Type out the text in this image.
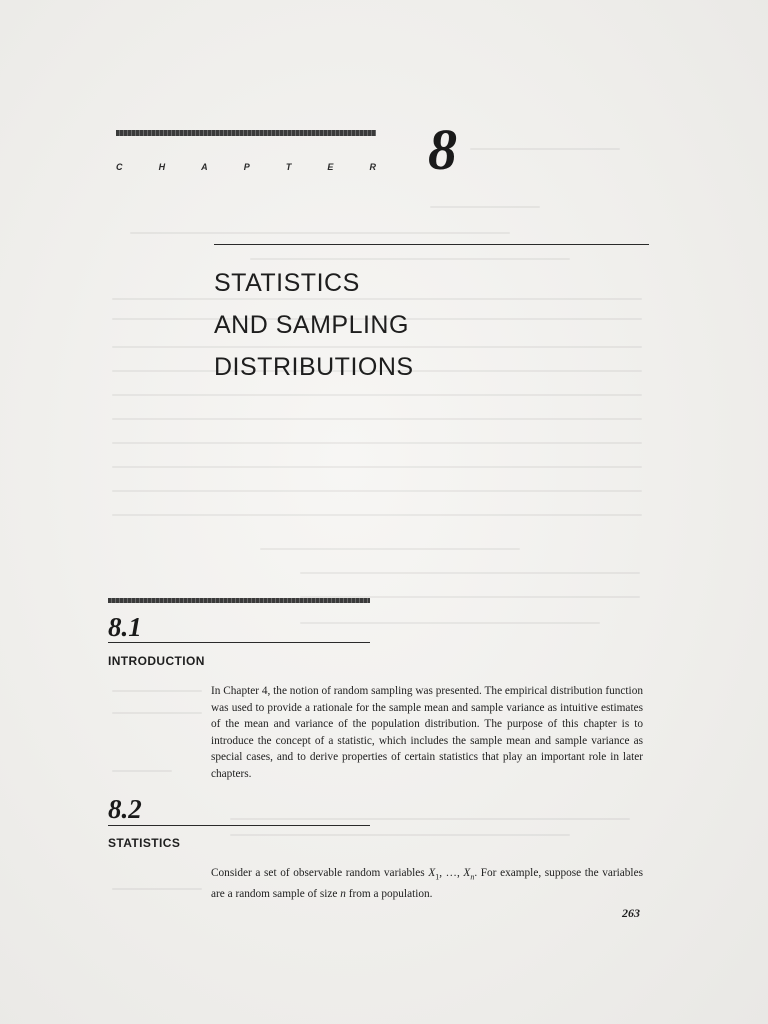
C	H	A	P	T	E	R 8
STATISTICS
AND SAMPLING
DISTRIBUTIONS
8.1
INTRODUCTION

In Chapter 4, the notion of random sampling was presented. The empirical distribution function was used to provide a rationale for the sample mean and sample variance as intuitive estimates of the mean and variance of the population distribution. The purpose of this chapter is to introduce the concept of a statistic, which includes the sample mean and sample variance as special cases, and to derive properties of certain statistics that play an important role in later chapters.

8.2
STATISTICS

Consider a set of observable random variables $X_1$, …, $X_n$. For example, suppose the variables are a random sample of size n from a population.

263
